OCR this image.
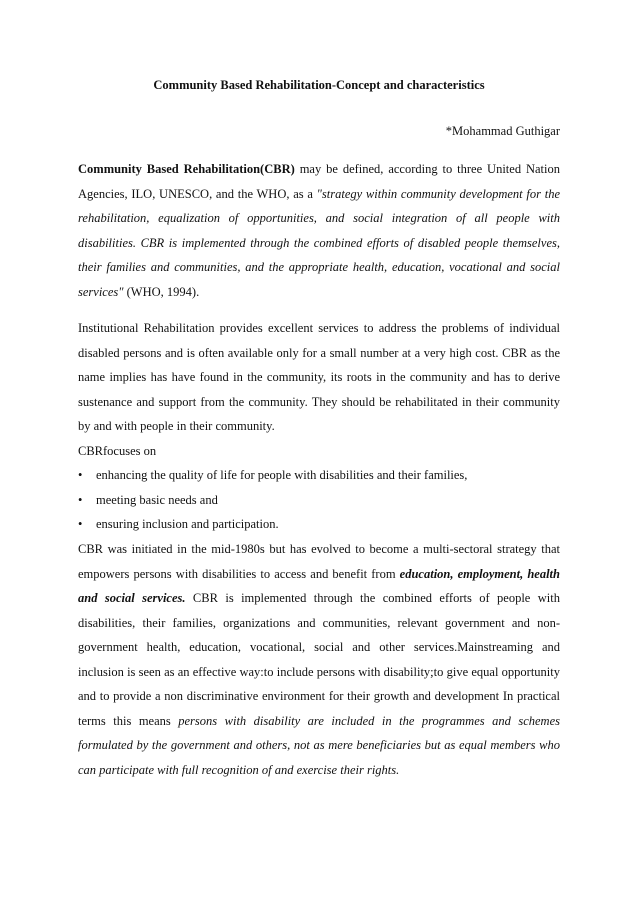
Community Based Rehabilitation-Concept and characteristics
*Mohammad Guthigar

Community Based Rehabilitation(CBR) may be defined, according to three United Nation Agencies, ILO, UNESCO, and the WHO, as a "strategy within community development for the rehabilitation, equalization of opportunities, and social integration of all people with disabilities. CBR is implemented through the combined efforts of disabled people themselves, their families and communities, and the appropriate health, education, vocational and social services" (WHO, 1994).

Institutional Rehabilitation provides excellent services to address the problems of individual disabled persons and is often available only for a small number at a very high cost. CBR as the name implies has have found in the community, its roots in the community and has to derive sustenance and support from the community. They should be rehabilitated in their community by and with people in their community.

CBRfocuses on

• enhancing the quality of life for people with disabilities and their families,
• meeting basic needs and
• ensuring inclusion and participation.

CBR was initiated in the mid-1980s but has evolved to become a multi-sectoral strategy that empowers persons with disabilities to access and benefit from education, employment, health and social services. CBR is implemented through the combined efforts of people with disabilities, their families, organizations and communities, relevant government and non-government health, education, vocational, social and other services.Mainstreaming and inclusion is seen as an effective way:to include persons with disability;to give equal opportunity and to provide a non discriminative environment for their growth and development In practical terms this means persons with disability are included in the programmes and schemes formulated by the government and others, not as mere beneficiaries but as equal members who can participate with full recognition of and exercise their rights.
